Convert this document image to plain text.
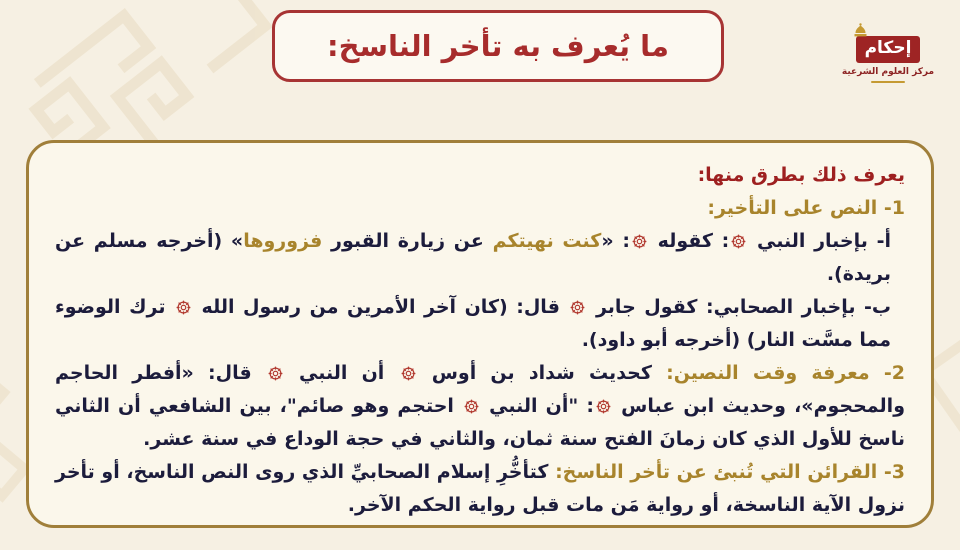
ما يُعرف به تأخر الناسخ:	إحكام
مركز العلوم الشرعية
يعرف ذلك بطرق منها:
1- النص على التأخير:
أ- بإخبار النبي
: كقوله
: «كنت نهيتكم عن زيارة القبور فزوروها» (أخرجه مسلم عن بريدة).
ب- بإخبار الصحابي: كقول جابر
قال: (كان آخر الأمرين من رسول الله
ترك الوضوء مما مسَّت النار) (أخرجه أبو داود).
2- معرفة وقت النصين: كحديث شداد بن أوس
أن النبي
قال: «أفطر الحاجم والمحجوم»، وحديث ابن عباس
: "أن النبي
احتجم وهو صائم"، بين الشافعي أن الثاني ناسخ للأول الذي كان زمانَ الفتح سنة ثمان، والثاني في حجة الوداع في سنة عشر.
3- القرائن التي تُنبئ عن تأخر الناسخ: كتأخُّرِ إسلام الصحابيِّ الذي روى النص الناسخ، أو تأخر نزول الآية الناسخة، أو رواية مَن مات قبل رواية الحكم الآخر.
